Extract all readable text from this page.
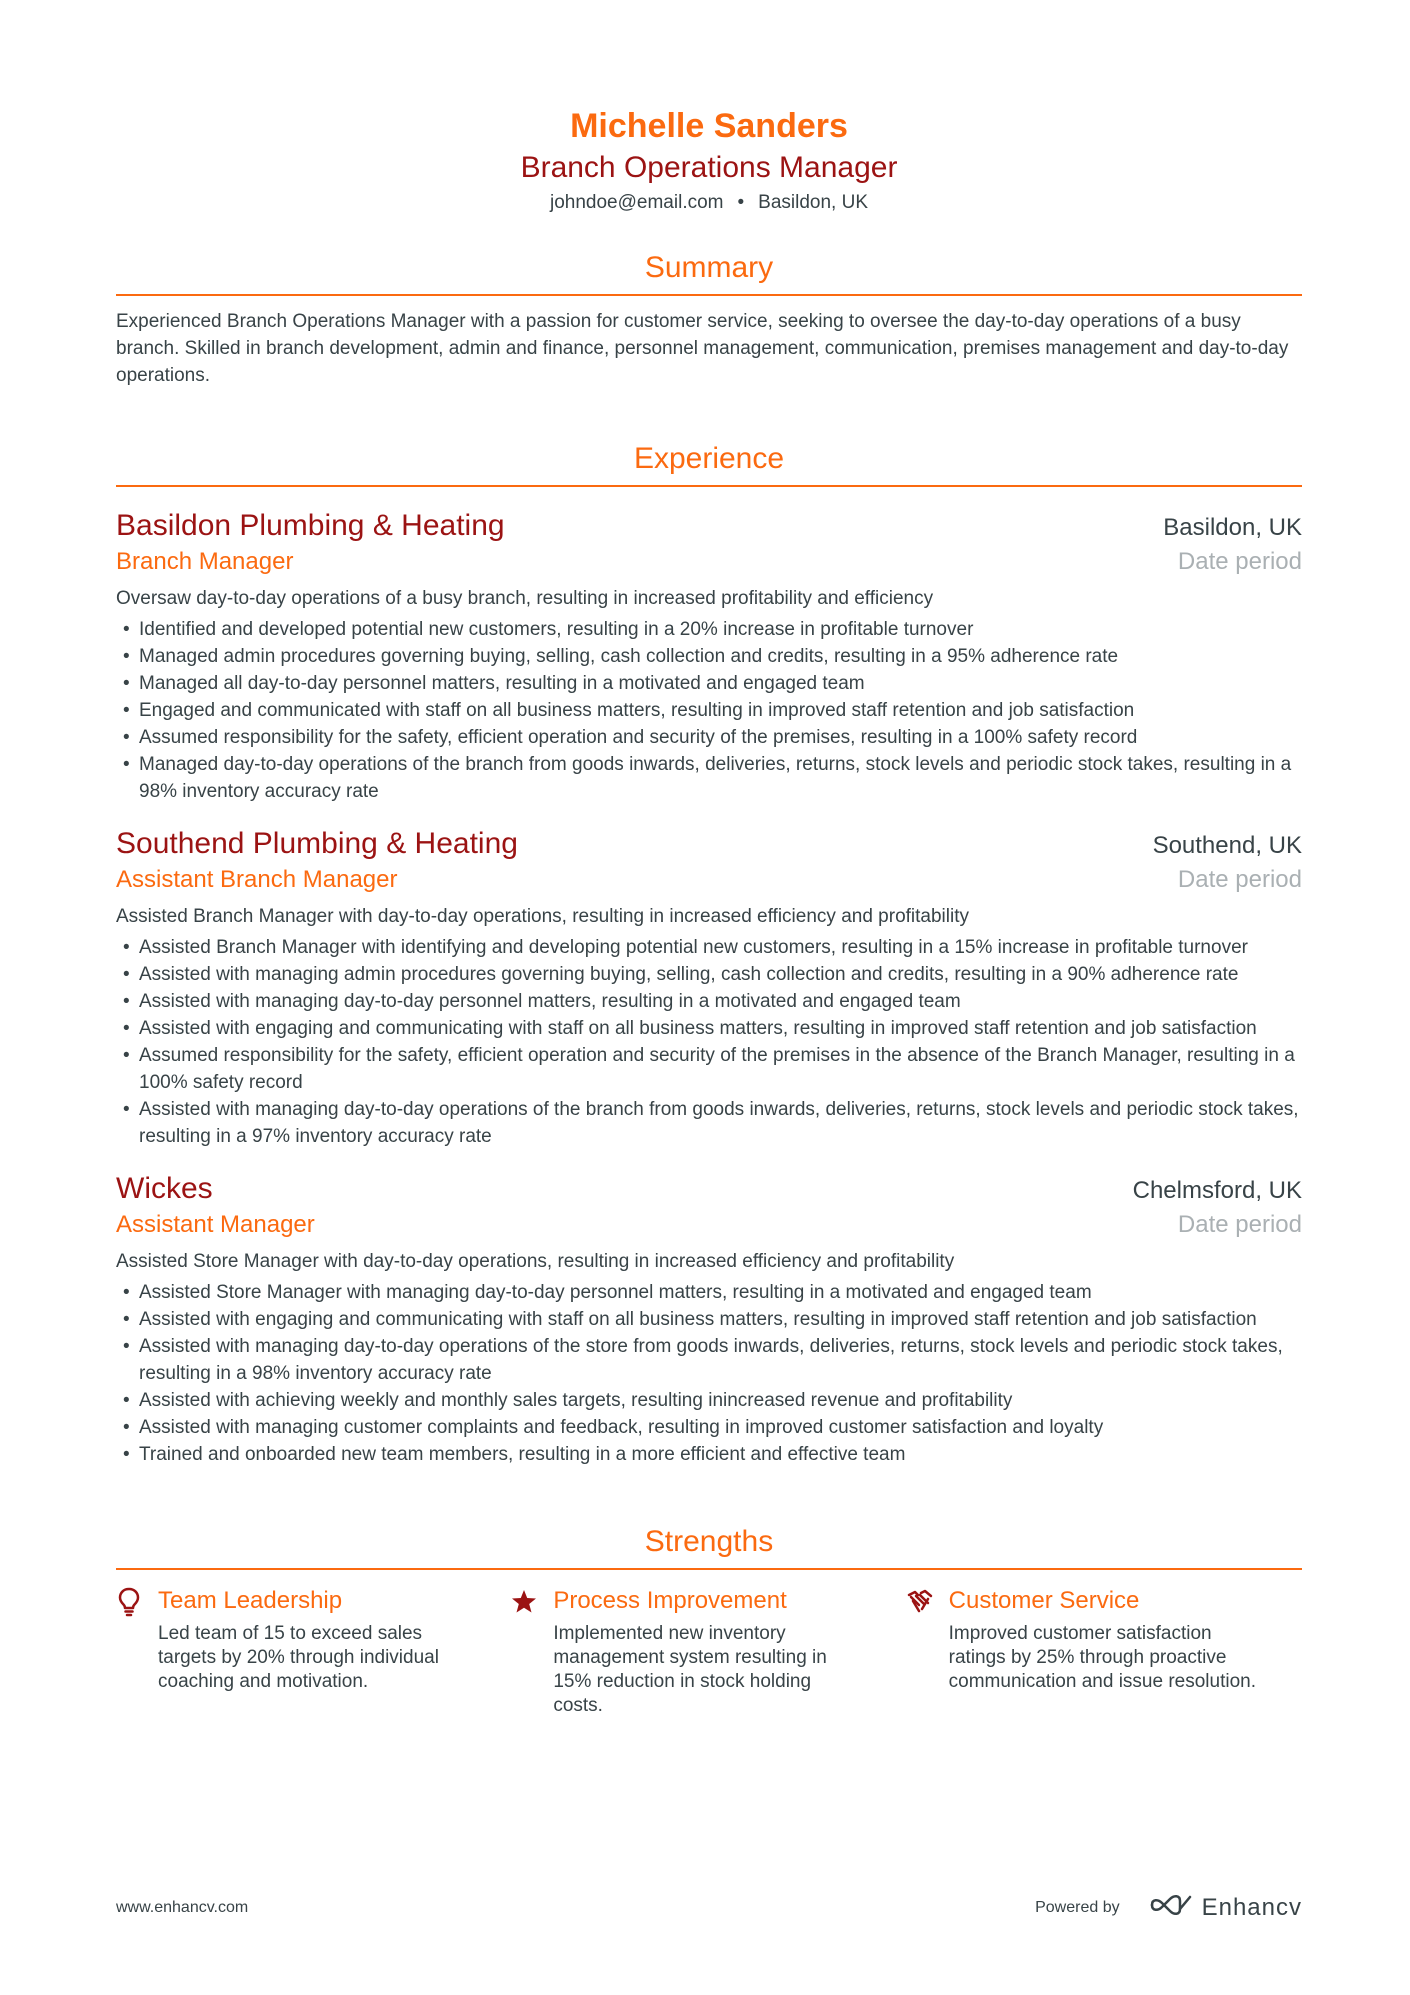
Michelle Sanders
Branch Operations Manager
johndoe@email.com • Basildon, UK
Summary
Experienced Branch Operations Manager with a passion for customer service, seeking to oversee the day-to-day operations of a busy branch. Skilled in branch development, admin and finance, personnel management, communication, premises management and day-to-day operations.
Experience
Basildon Plumbing & Heating	Basildon, UK
Branch Manager	Date period
Oversaw day-to-day operations of a busy branch, resulting in increased profitability and efficiency
• Identified and developed potential new customers, resulting in a 20% increase in profitable turnover
• Managed admin procedures governing buying, selling, cash collection and credits, resulting in a 95% adherence rate
• Managed all day-to-day personnel matters, resulting in a motivated and engaged team
• Engaged and communicated with staff on all business matters, resulting in improved staff retention and job satisfaction
• Assumed responsibility for the safety, efficient operation and security of the premises, resulting in a 100% safety record
• Managed day-to-day operations of the branch from goods inwards, deliveries, returns, stock levels and periodic stock takes, resulting in a 98% inventory accuracy rate
Southend Plumbing & Heating	Southend, UK
Assistant Branch Manager	Date period
Assisted Branch Manager with day-to-day operations, resulting in increased efficiency and profitability
• Assisted Branch Manager with identifying and developing potential new customers, resulting in a 15% increase in profitable turnover
• Assisted with managing admin procedures governing buying, selling, cash collection and credits, resulting in a 90% adherence rate
• Assisted with managing day-to-day personnel matters, resulting in a motivated and engaged team
• Assisted with engaging and communicating with staff on all business matters, resulting in improved staff retention and job satisfaction
• Assumed responsibility for the safety, efficient operation and security of the premises in the absence of the Branch Manager, resulting in a 100% safety record
• Assisted with managing day-to-day operations of the branch from goods inwards, deliveries, returns, stock levels and periodic stock takes, resulting in a 97% inventory accuracy rate
Wickes	Chelmsford, UK
Assistant Manager	Date period
Assisted Store Manager with day-to-day operations, resulting in increased efficiency and profitability
• Assisted Store Manager with managing day-to-day personnel matters, resulting in a motivated and engaged team
• Assisted with engaging and communicating with staff on all business matters, resulting in improved staff retention and job satisfaction
• Assisted with managing day-to-day operations of the store from goods inwards, deliveries, returns, stock levels and periodic stock takes, resulting in a 98% inventory accuracy rate
• Assisted with achieving weekly and monthly sales targets, resulting inincreased revenue and profitability
• Assisted with managing customer complaints and feedback, resulting in improved customer satisfaction and loyalty
• Trained and onboarded new team members, resulting in a more efficient and effective team
Strengths
Team Leadership
Led team of 15 to exceed sales targets by 20% through individual coaching and motivation.
Process Improvement
Implemented new inventory management system resulting in 15% reduction in stock holding costs.
Customer Service
Improved customer satisfaction ratings by 25% through proactive communication and issue resolution.
www.enhancv.com	Powered by	Enhancv
